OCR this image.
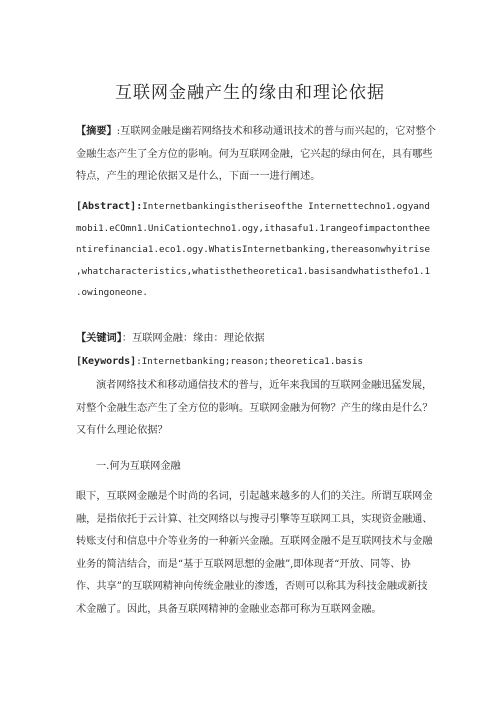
互联网金融产生的缘由和理论依据
【摘要】:互联网金融是幽若网络技术和移动通讯技术的普与而兴起的，它对整个
金融生态产生了全方位的影响。何为互联网金融，它兴起的绿由何在，具有哪些
特点，产生的理论依据又是什么，下面一一进行阐述。
[Abstract]:Internetbankingistheriseofthe Internettechno1.ogyand
mobi1.eCOmn1.UniCationtechno1.ogy,ithasafu1.1rangeofimpactonthee
ntirefinancia1.eco1.ogy.WhatisInternetbanking,thereasonwhyitrise
,whatcharacteristics,whatisthetheoretica1.basisandwhatisthefo1.1
.owingoneone.
【关键词】：互联网金融：缘由：理论依据
[Keywords]:Internetbanking;reason;theoretica1.basis
演者网络技术和移动通信技术的普与，近年来我国的互联网金融迅猛发展，
对整个金融生态产生了全方位的影响。互联网金融为何物？产生的缘由是什么？
又有什么理论依据？
一.何为互联网金融
眼下，互联网金融是个时尚的名词，引起越来越多的人们的关注。所谓互联网金
融，是指依托于云计算、社交网络以与搜寻引擎等互联网工具，实现资金融通、
转账支付和信息中介等业务的一种新兴金融。互联网金融不是互联网技术与金融
业务的简洁结合，而是“基于互联网思想的金融”,即体现者“开放、同等、协
作、共享”的互联网精神向传统金融业的渗透，否则可以称其为科技金融或新技
术金融了。因此，具备互联网精神的金融业态都可称为互联网金融。
